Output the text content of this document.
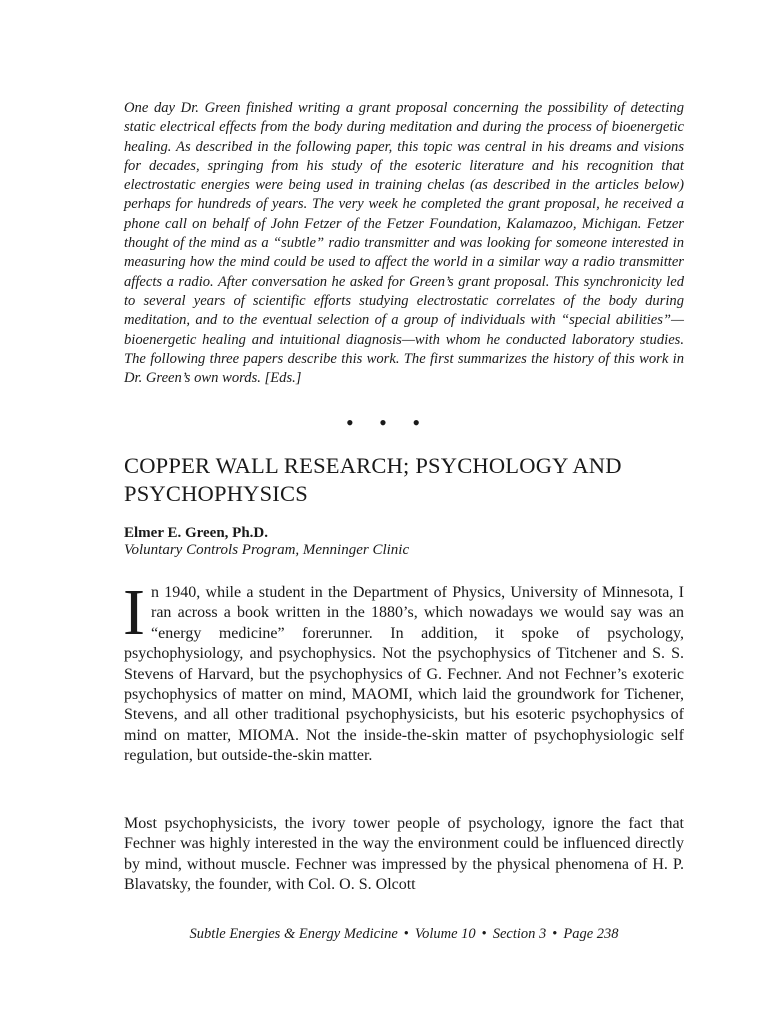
One day Dr. Green finished writing a grant proposal concerning the possibility of detecting static electrical effects from the body during meditation and during the process of bioenergetic healing. As described in the following paper, this topic was central in his dreams and visions for decades, springing from his study of the esoteric literature and his recognition that electrostatic energies were being used in training chelas (as described in the articles below) perhaps for hundreds of years. The very week he completed the grant proposal, he received a phone call on behalf of John Fetzer of the Fetzer Foundation, Kalamazoo, Michigan. Fetzer thought of the mind as a “subtle” radio transmitter and was looking for someone interested in measuring how the mind could be used to affect the world in a similar way a radio transmitter affects a radio. After conversation he asked for Green’s grant proposal. This synchronicity led to several years of scientific efforts studying electrostatic correlates of the body during meditation, and to the eventual selection of a group of individuals with “special abilities”—bioenergetic healing and intuitional diagnosis—with whom he conducted laboratory studies. The following three papers describe this work. The first summarizes the history of this work in Dr. Green’s own words. [Eds.]

• • •
COPPER WALL RESEARCH; PSYCHOLOGY AND PSYCHOPHYSICS

Elmer E. Green, Ph.D.

Voluntary Controls Program, Menninger Clinic

In 1940, while a student in the Department of Physics, University of Minnesota, I ran across a book written in the 1880’s, which nowadays we would say was an “energy medicine” forerunner. In addition, it spoke of psychology, psychophysiology, and psychophysics. Not the psychophysics of Titchener and S. S. Stevens of Harvard, but the psychophysics of G. Fechner. And not Fechner’s exoteric psychophysics of matter on mind, MAOMI, which laid the groundwork for Tichener, Stevens, and all other traditional psychophysicists, but his esoteric psychophysics of mind on matter, MIOMA. Not the inside-the-skin matter of psychophysiologic self regulation, but outside-the-skin matter.

Most psychophysicists, the ivory tower people of psychology, ignore the fact that Fechner was highly interested in the way the environment could be influenced directly by mind, without muscle. Fechner was impressed by the physical phenomena of H. P. Blavatsky, the founder, with Col. O. S. Olcott

Subtle Energies & Energy Medicine • Volume 10 • Section 3 • Page 238
